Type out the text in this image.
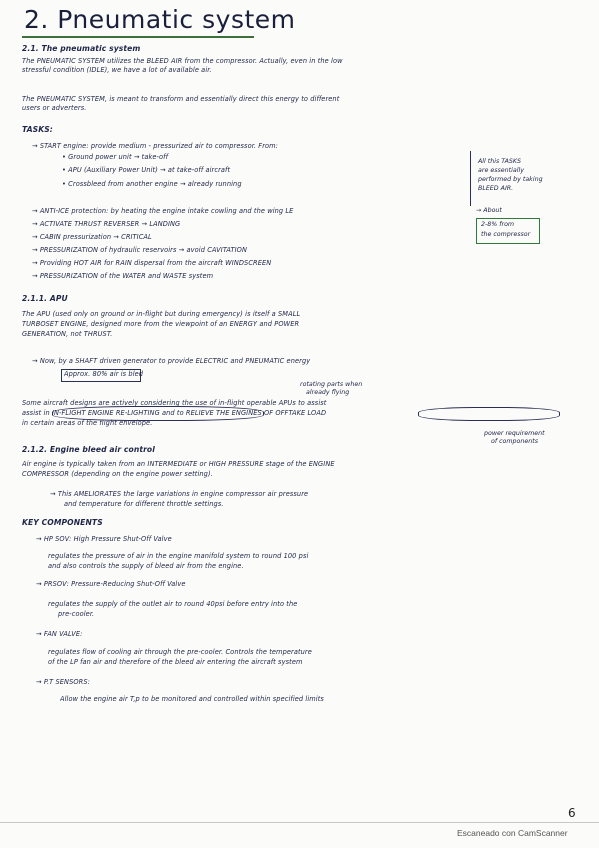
2. Pneumatic system
2.1. The pneumatic system
The PNEUMATIC SYSTEM utilizes the BLEED AIR from the compressor. Actually, even in the low
stressful condition (IDLE), we have a lot of available air.
The PNEUMATIC SYSTEM, is meant to transform and essentially direct this energy to different
users or adverters.
TASKS:
→ START engine: provide medium - pressurized air to compressor. From:
• Ground power unit → take-off
• APU (Auxiliary Power Unit) → at take-off aircraft
• Crossbleed from another engine → already running
→ ANTI-ICE protection: by heating the engine intake cowling and the wing LE
→ ACTIVATE THRUST REVERSER → LANDING
→ CABIN pressurization → CRITICAL
→ PRESSURIZATION of hydraulic reservoirs → avoid CAVITATION
→ Providing HOT AIR for RAIN dispersal from the aircraft WINDSCREEN
→ PRESSURIZATION of the WATER and WASTE system
All this TASKS
are essentially
performed by taking
BLEED AIR.
→ About
2-8% from
the compressor
2.1.1. APU
The APU (used only on ground or in-flight but during emergency) is itself a SMALL
TURBOSET ENGINE, designed more from the viewpoint of an ENERGY and POWER
GENERATION, not THRUST.
→ Now, by a SHAFT driven generator to provide ELECTRIC and PNEUMATIC energy
Approx. 80% air is bled
rotating parts when
already flying
Some aircraft designs are actively considering the use of in-flight operable APUs to assist
assist in IN-FLIGHT ENGINE RE-LIGHTING and to RELIEVE THE ENGINES OF OFFTAKE LOAD
in certain areas of the flight envelope.
power requirement
of components
2.1.2. Engine bleed air control
Air engine is typically taken from an INTERMEDIATE or HIGH PRESSURE stage of the ENGINE
COMPRESSOR (depending on the engine power setting).
→ This AMELIORATES the large variations in engine compressor air pressure
and temperature for different throttle settings.
KEY COMPONENTS
→ HP SOV: High Pressure Shut-Off Valve
regulates the pressure of air in the engine manifold system to round 100 psi
and also controls the supply of bleed air from the engine.
→ PRSOV: Pressure-Reducing Shut-Off Valve
regulates the supply of the outlet air to round 40psi before entry into the
pre-cooler.
→ FAN VALVE:
regulates flow of cooling air through the pre-cooler. Controls the temperature
of the LP fan air and therefore of the bleed air entering the aircraft system
→ P.T SENSORS:
Allow the engine air T,p to be monitored and controlled within specified limits
6
Escaneado con CamScanner
